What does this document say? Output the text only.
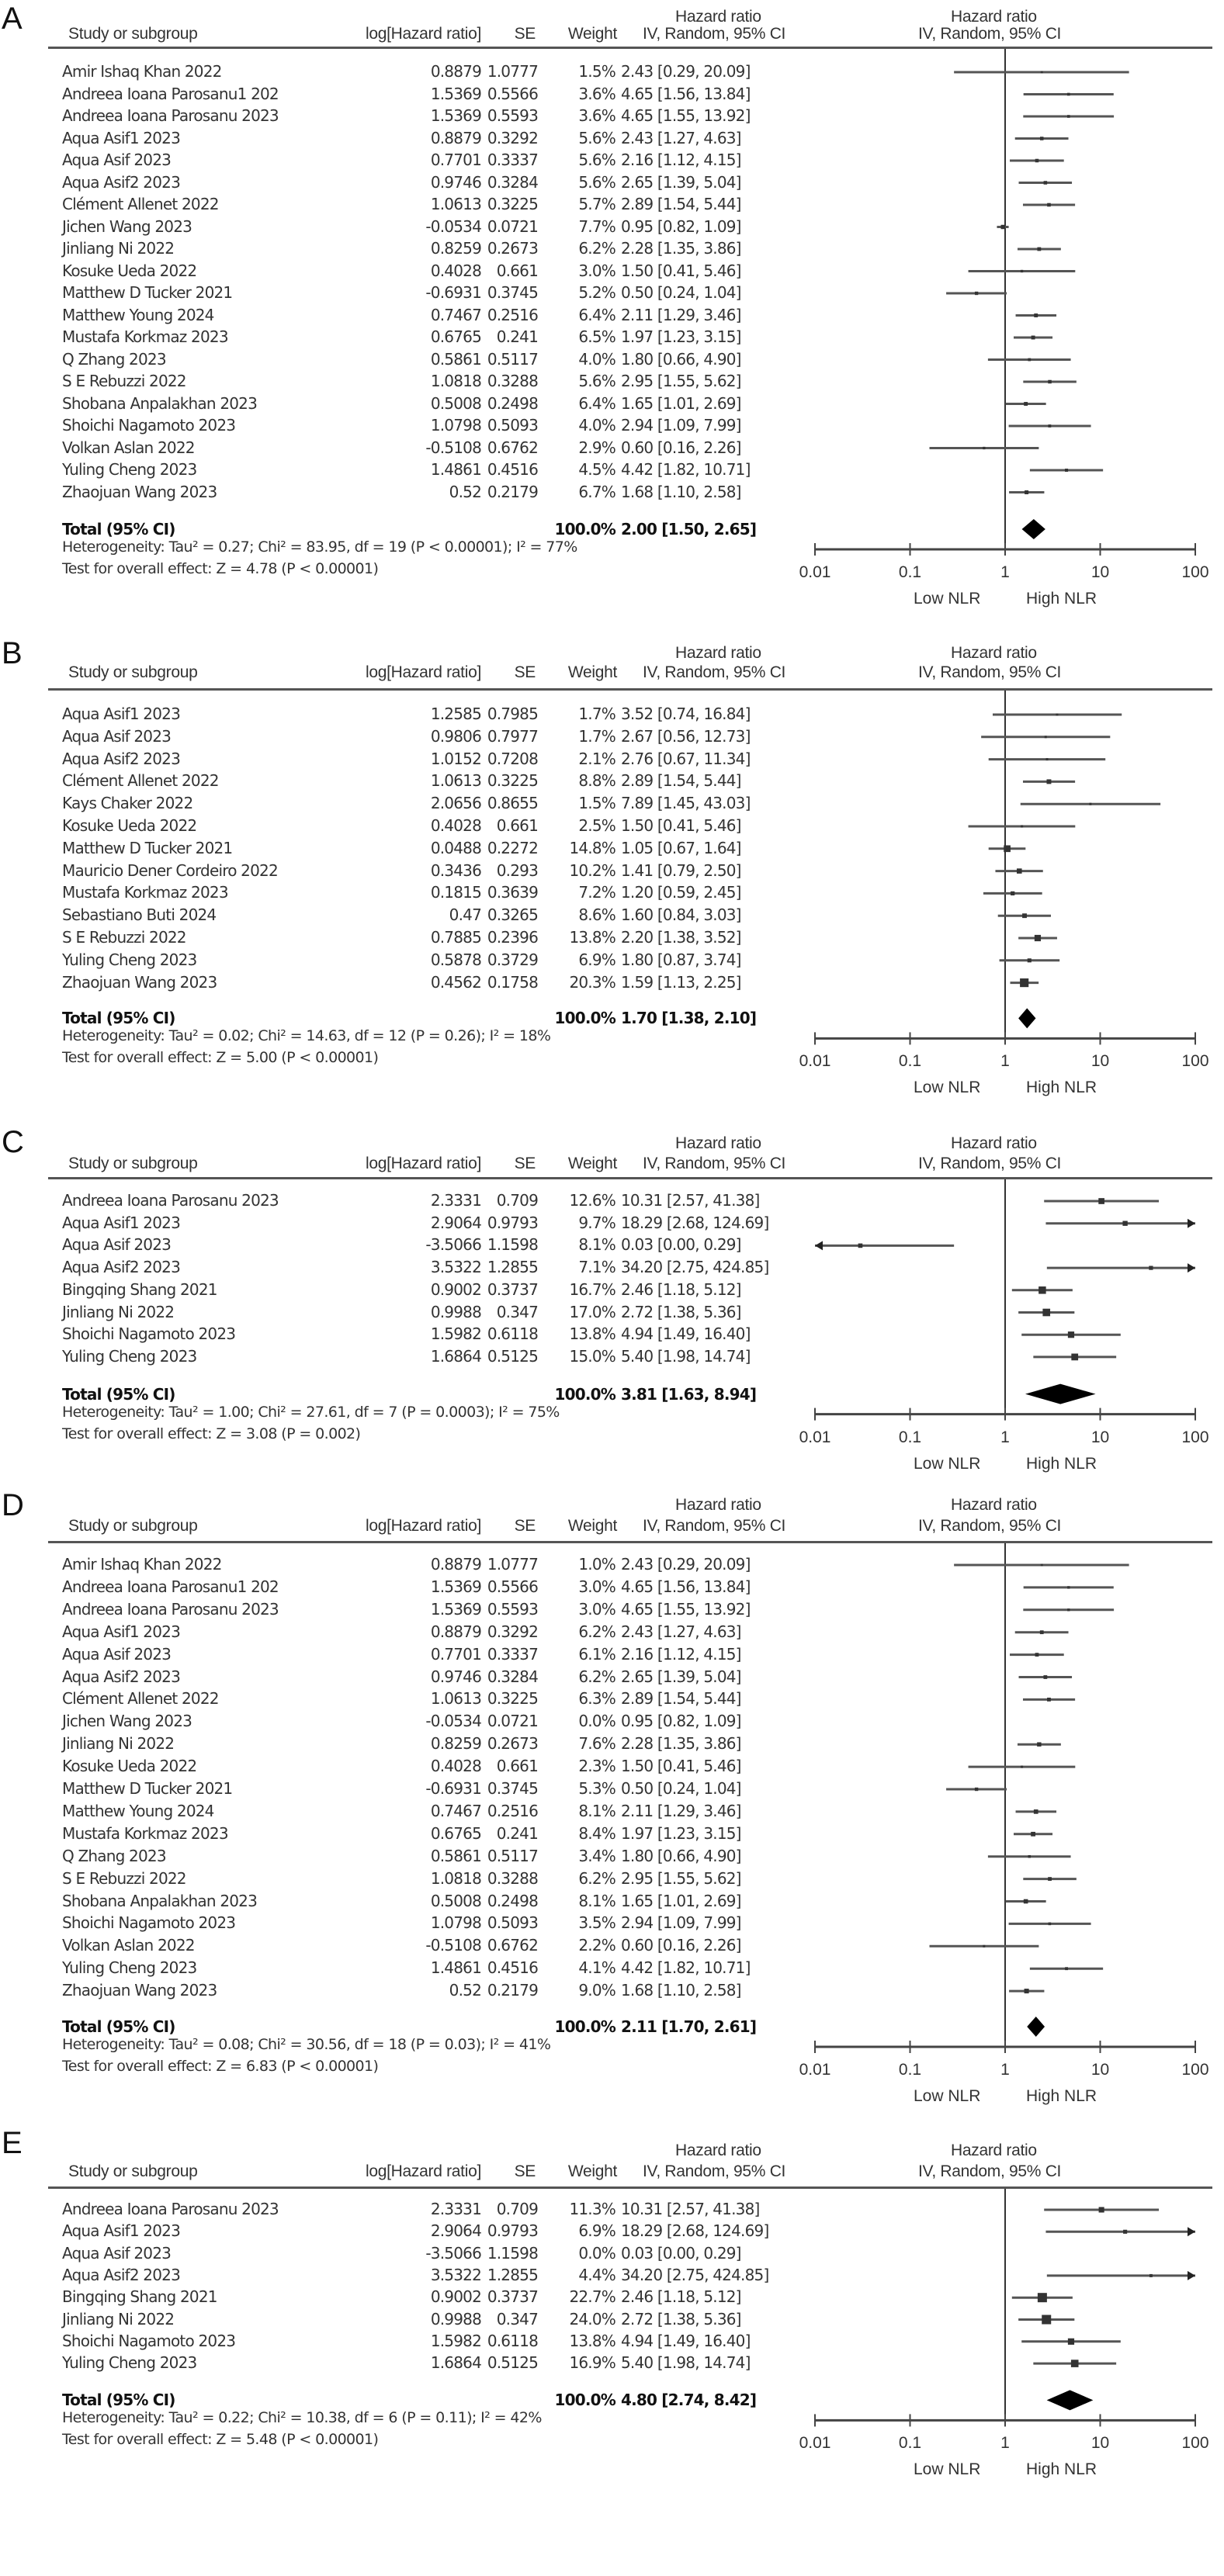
A	Study or subgroup	log[Hazard ratio]	SE	Weight
Hazard ratio
IV, Random, 95% CI
Hazard ratio
IV, Random, 95% CI
Amir Ishaq Khan 2022	0.8879 1.0777	1.5% 2.43 [0.29, 20.09]
Andreea Ioana Parosanu1 202	1.5369 0.5566	3.6% 4.65 [1.56, 13.84]
Andreea Ioana Parosanu 2023	1.5369 0.5593	3.6% 4.65 [1.55, 13.92]
Aqua Asif1 2023	0.8879 0.3292	5.6% 2.43 [1.27, 4.63]
Aqua Asif 2023	0.7701 0.3337	5.6% 2.16 [1.12, 4.15]
Aqua Asif2 2023	0.9746 0.3284	5.6% 2.65 [1.39, 5.04]
Clément Allenet 2022	1.0613 0.3225	5.7% 2.89 [1.54, 5.44]
Jichen Wang 2023	-0.0534 0.0721	7.7% 0.95 [0.82, 1.09]
Jinliang Ni 2022	0.8259 0.2673	6.2% 2.28 [1.35, 3.86]
Kosuke Ueda 2022	0.4028 0.661	3.0% 1.50 [0.41, 5.46]
Matthew D Tucker 2021	-0.6931 0.3745	5.2% 0.50 [0.24, 1.04]
Matthew Young 2024	0.7467 0.2516	6.4% 2.11 [1.29, 3.46]
Mustafa Korkmaz 2023	0.6765 0.241	6.5% 1.97 [1.23, 3.15]
Q Zhang 2023	0.5861 0.5117	4.0% 1.80 [0.66, 4.90]
S E Rebuzzi 2022	1.0818 0.3288	5.6% 2.95 [1.55, 5.62]
Shobana Anpalakhan 2023	0.5008 0.2498	6.4% 1.65 [1.01, 2.69]
Shoichi Nagamoto 2023	1.0798 0.5093	4.0% 2.94 [1.09, 7.99]
Volkan Aslan 2022	-0.5108 0.6762	2.9% 0.60 [0.16, 2.26]
Yuling Cheng 2023	1.4861 0.4516	4.5% 4.42 [1.82, 10.71]
Zhaojuan Wang 2023	0.52 0.2179	6.7% 1.68 [1.10, 2.58]
Total (95% CI)	100.0% 2.00 [1.50, 2.65]
Heterogeneity: Tau² = 0.27; Chi² = 83.95, df = 19 (P < 0.00001); I² = 77%
Test for overall effect: Z = 4.78 (P < 0.00001)	0.01	0.1	1	10	100
Low NLR	High NLR
B
Study or subgroup	log[Hazard ratio]	SE	Weight
Hazard ratio
IV, Random, 95% CI
Hazard ratio
IV, Random, 95% CI
Aqua Asif1 2023	1.2585 0.7985	1.7% 3.52 [0.74, 16.84]
Aqua Asif 2023	0.9806 0.7977	1.7% 2.67 [0.56, 12.73]
Aqua Asif2 2023	1.0152 0.7208	2.1% 2.76 [0.67, 11.34]
Clément Allenet 2022	1.0613 0.3225	8.8% 2.89 [1.54, 5.44]
Kays Chaker 2022	2.0656 0.8655	1.5% 7.89 [1.45, 43.03]
Kosuke Ueda 2022	0.4028 0.661	2.5% 1.50 [0.41, 5.46]
Matthew D Tucker 2021	0.0488 0.2272	14.8% 1.05 [0.67, 1.64]
Mauricio Dener Cordeiro 2022	0.3436 0.293	10.2% 1.41 [0.79, 2.50]
Mustafa Korkmaz 2023	0.1815 0.3639	7.2% 1.20 [0.59, 2.45]
Sebastiano Buti 2024	0.47 0.3265	8.6% 1.60 [0.84, 3.03]
S E Rebuzzi 2022	0.7885 0.2396	13.8% 2.20 [1.38, 3.52]
Yuling Cheng 2023	0.5878 0.3729	6.9% 1.80 [0.87, 3.74]
Zhaojuan Wang 2023	0.4562 0.1758	20.3% 1.59 [1.13, 2.25]
Total (95% CI)	100.0% 1.70 [1.38, 2.10]
Heterogeneity: Tau² = 0.02; Chi² = 14.63, df = 12 (P = 0.26); I² = 18%
Test for overall effect: Z = 5.00 (P < 0.00001)	0.01	0.1	1	10	100
Low NLR	High NLR
C
Study or subgroup	log[Hazard ratio]	SE	Weight
Hazard ratio
IV, Random, 95% CI
Hazard ratio
IV, Random, 95% CI
Andreea Ioana Parosanu 2023	2.3331 0.709	12.6% 10.31 [2.57, 41.38]
Aqua Asif1 2023	2.9064 0.9793	9.7% 18.29 [2.68, 124.69]
Aqua Asif 2023	-3.5066 1.1598	8.1% 0.03 [0.00, 0.29]
Aqua Asif2 2023	3.5322 1.2855	7.1% 34.20 [2.75, 424.85]
Bingqing Shang 2021	0.9002 0.3737	16.7% 2.46 [1.18, 5.12]
Jinliang Ni 2022	0.9988 0.347	17.0% 2.72 [1.38, 5.36]
Shoichi Nagamoto 2023	1.5982 0.6118	13.8% 4.94 [1.49, 16.40]
Yuling Cheng 2023	1.6864 0.5125	15.0% 5.40 [1.98, 14.74]
Total (95% CI)	100.0% 3.81 [1.63, 8.94]
Heterogeneity: Tau² = 1.00; Chi² = 27.61, df = 7 (P = 0.0003); I² = 75%
Test for overall effect: Z = 3.08 (P = 0.002)	0.01	0.1	1	10	100
Low NLR	High NLR
D
Study or subgroup	log[Hazard ratio]	SE	Weight
Hazard ratio
IV, Random, 95% CI
Hazard ratio
IV, Random, 95% CI
Amir Ishaq Khan 2022	0.8879 1.0777	1.0% 2.43 [0.29, 20.09]
Andreea Ioana Parosanu1 202	1.5369 0.5566	3.0% 4.65 [1.56, 13.84]
Andreea Ioana Parosanu 2023	1.5369 0.5593	3.0% 4.65 [1.55, 13.92]
Aqua Asif1 2023	0.8879 0.3292	6.2% 2.43 [1.27, 4.63]
Aqua Asif 2023	0.7701 0.3337	6.1% 2.16 [1.12, 4.15]
Aqua Asif2 2023	0.9746 0.3284	6.2% 2.65 [1.39, 5.04]
Clément Allenet 2022	1.0613 0.3225	6.3% 2.89 [1.54, 5.44]
Jichen Wang 2023	-0.0534 0.0721	0.0% 0.95 [0.82, 1.09]
Jinliang Ni 2022	0.8259 0.2673	7.6% 2.28 [1.35, 3.86]
Kosuke Ueda 2022	0.4028 0.661	2.3% 1.50 [0.41, 5.46]
Matthew D Tucker 2021	-0.6931 0.3745	5.3% 0.50 [0.24, 1.04]
Matthew Young 2024	0.7467 0.2516	8.1% 2.11 [1.29, 3.46]
Mustafa Korkmaz 2023	0.6765 0.241	8.4% 1.97 [1.23, 3.15]
Q Zhang 2023	0.5861 0.5117	3.4% 1.80 [0.66, 4.90]
S E Rebuzzi 2022	1.0818 0.3288	6.2% 2.95 [1.55, 5.62]
Shobana Anpalakhan 2023	0.5008 0.2498	8.1% 1.65 [1.01, 2.69]
Shoichi Nagamoto 2023	1.0798 0.5093	3.5% 2.94 [1.09, 7.99]
Volkan Aslan 2022	-0.5108 0.6762	2.2% 0.60 [0.16, 2.26]
Yuling Cheng 2023	1.4861 0.4516	4.1% 4.42 [1.82, 10.71]
Zhaojuan Wang 2023	0.52 0.2179	9.0% 1.68 [1.10, 2.58]
Total (95% CI)	100.0% 2.11 [1.70, 2.61]
Heterogeneity: Tau² = 0.08; Chi² = 30.56, df = 18 (P = 0.03); I² = 41%
Test for overall effect: Z = 6.83 (P < 0.00001)	0.01	0.1	1	10	100
Low NLR	High NLR
E
Study or subgroup	log[Hazard ratio]	SE	Weight
Hazard ratio
IV, Random, 95% CI
Hazard ratio
IV, Random, 95% CI
Andreea Ioana Parosanu 2023	2.3331 0.709	11.3% 10.31 [2.57, 41.38]
Aqua Asif1 2023	2.9064 0.9793	6.9% 18.29 [2.68, 124.69]
Aqua Asif 2023	-3.5066 1.1598	0.0% 0.03 [0.00, 0.29]
Aqua Asif2 2023	3.5322 1.2855	4.4% 34.20 [2.75, 424.85]
Bingqing Shang 2021	0.9002 0.3737	22.7% 2.46 [1.18, 5.12]
Jinliang Ni 2022	0.9988 0.347	24.0% 2.72 [1.38, 5.36]
Shoichi Nagamoto 2023	1.5982 0.6118	13.8% 4.94 [1.49, 16.40]
Yuling Cheng 2023	1.6864 0.5125	16.9% 5.40 [1.98, 14.74]
Total (95% CI)	100.0% 4.80 [2.74, 8.42]
Heterogeneity: Tau² = 0.22; Chi² = 10.38, df = 6 (P = 0.11); I² = 42%
Test for overall effect: Z = 5.48 (P < 0.00001)	0.01	0.1	1	10	100
Low NLR	High NLR
